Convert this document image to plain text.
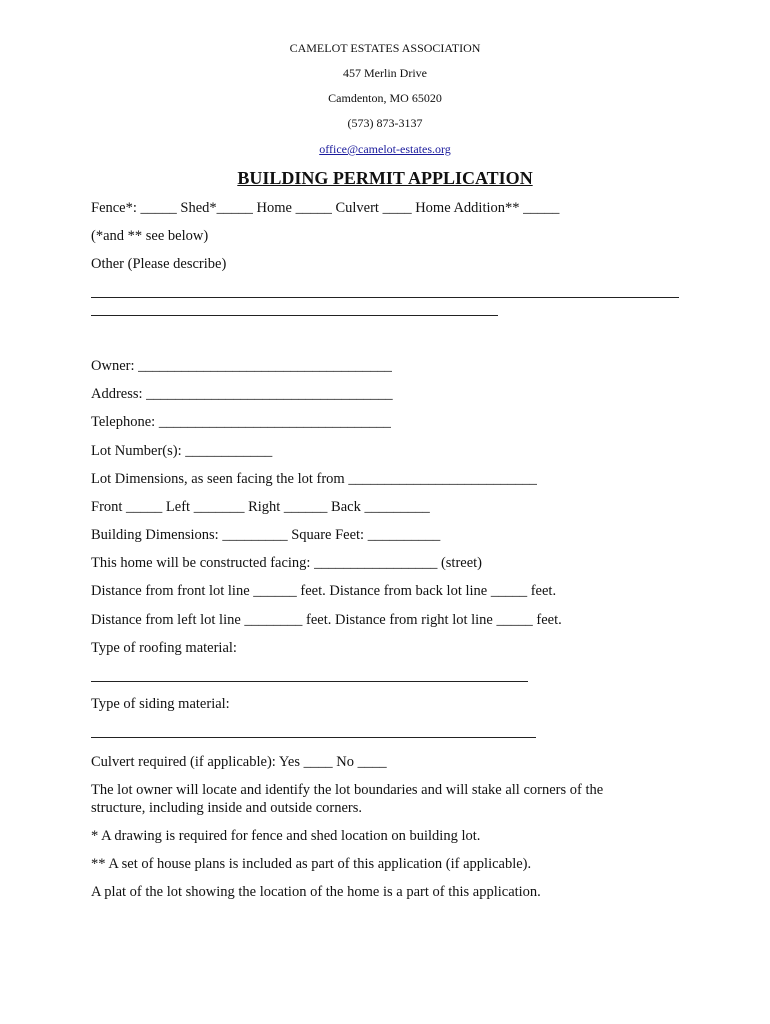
CAMELOT ESTATES ASSOCIATION
457 Merlin Drive
Camdenton, MO 65020
(573) 873-3137
office@camelot-estates.org
BUILDING PERMIT APPLICATION
Fence*: _____ Shed*_____ Home _____ Culvert ____ Home Addition** _____
(*and ** see below)
Other (Please describe)
Owner: ___________________________________
Address: __________________________________
Telephone: ________________________________
Lot Number(s): ____________
Lot Dimensions, as seen facing the lot from __________________________
Front _____ Left _______ Right ______ Back _________
Building Dimensions: _________ Square Feet: __________
This home will be constructed facing: _________________ (street)
Distance from front lot line ______ feet. Distance from back lot line _____ feet.
Distance from left lot line ________ feet. Distance from right lot line _____ feet.
Type of roofing material:
Type of siding material:
Culvert required (if applicable): Yes ____ No ____
The lot owner will locate and identify the lot boundaries and will stake all corners of the structure, including inside and outside corners.
* A drawing is required for fence and shed location on building lot.
** A set of house plans is included as part of this application (if applicable).
A plat of the lot showing the location of the home is a part of this application.
